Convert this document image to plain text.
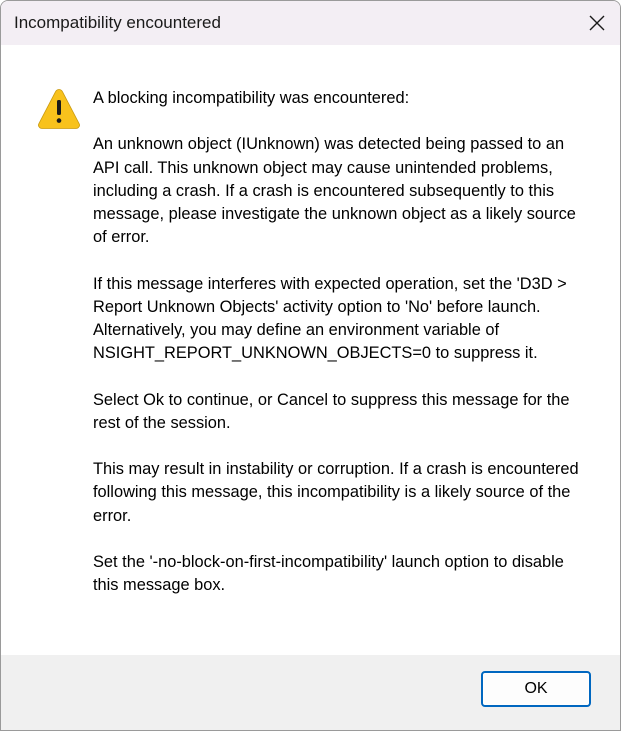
Incompatibility encountered

A blocking incompatibility was encountered:

An unknown object (IUnknown) was detected being passed to an API call. This unknown object may cause unintended problems, including a crash. If a crash is encountered subsequently to this message, please investigate the unknown object as a likely source of error.

If this message interferes with expected operation, set the 'D3D > Report Unknown Objects' activity option to 'No' before launch.
Alternatively, you may define an environment variable of NSIGHT_REPORT_UNKNOWN_OBJECTS=0 to suppress it.

Select Ok to continue, or Cancel to suppress this message for the rest of the session.

This may result in instability or corruption. If a crash is encountered following this message, this incompatibility is a likely source of the error.

Set the '-no-block-on-first-incompatibility' launch option to disable this message box.

OK
